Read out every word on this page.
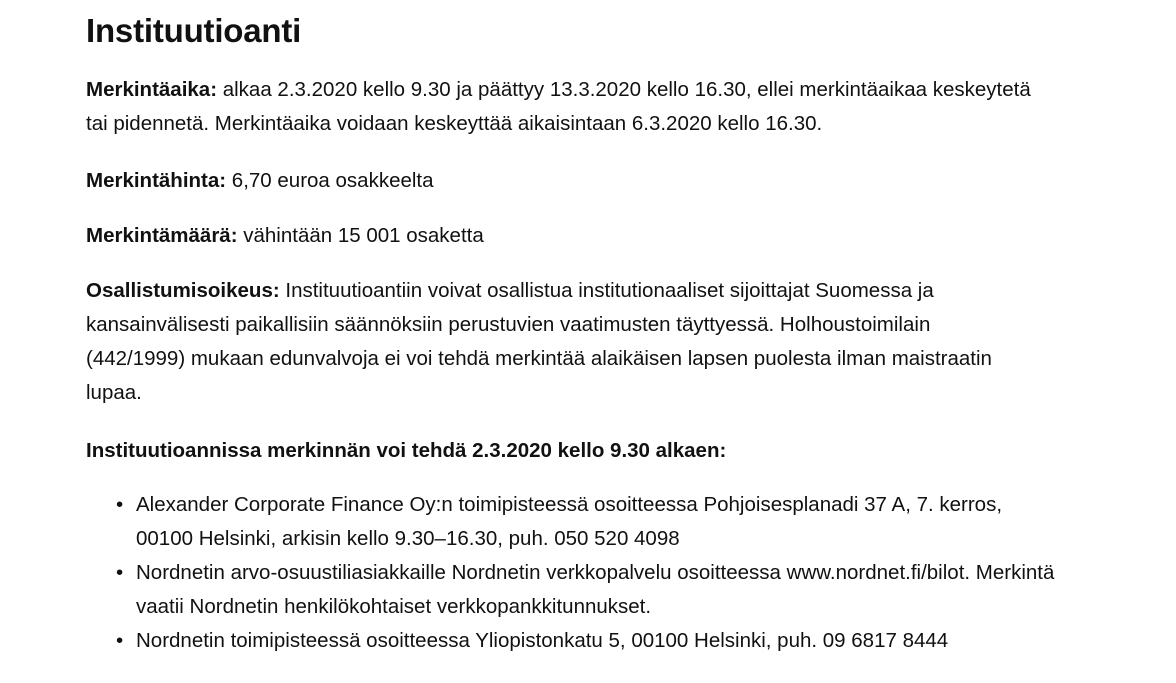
Instituutioanti

Merkintäaika: alkaa 2.3.2020 kello 9.30 ja päättyy 13.3.2020 kello 16.30, ellei merkintäaikaa keskeytetä tai pidennetä. Merkintäaika voidaan keskeyttää aikaisintaan 6.3.2020 kello 16.30.

Merkintähinta: 6,70 euroa osakkeelta

Merkintämäärä: vähintään 15 001 osaketta

Osallistumisoikeus: Instituutioantiin voivat osallistua institutionaaliset sijoittajat Suomessa ja kansainvälisesti paikallisiin säännöksiin perustuvien vaatimusten täyttyessä. Holhoustoimilain (442/1999) mukaan edunvalvoja ei voi tehdä merkintää alaikäisen lapsen puolesta ilman maistraatin lupaa.

Instituutioannissa merkinnän voi tehdä 2.3.2020 kello 9.30 alkaen:

• Alexander Corporate Finance Oy:n toimipisteessä osoitteessa Pohjoisesplanadi 37 A, 7. kerros, 00100 Helsinki, arkisin kello 9.30–16.30, puh. 050 520 4098
• Nordnetin arvo-osuustiliasiakkaille Nordnetin verkkopalvelu osoitteessa www.nordnet.fi/bilot. Merkintä vaatii Nordnetin henkilökohtaiset verkkopankkitunnukset.
• Nordnetin toimipisteessä osoitteessa Yliopistonkatu 5, 00100 Helsinki, puh. 09 6817 8444
